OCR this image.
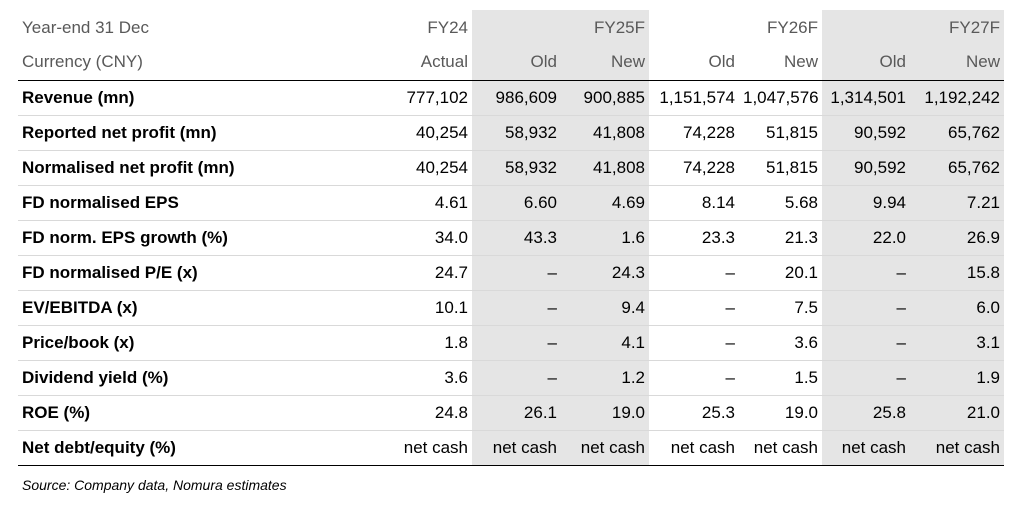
Year-end 31 Dec	FY24		FY25F		FY26F		FY27F
Currency (CNY)	Actual	Old	New	Old	New	Old	New
Revenue (mn)	777,102	986,609	900,885	1,151,574	1,047,576	1,314,501	1,192,242
Reported net profit (mn)	40,254	58,932	41,808	74,228	51,815	90,592	65,762
Normalised net profit (mn)	40,254	58,932	41,808	74,228	51,815	90,592	65,762
FD normalised EPS	4.61	6.60	4.69	8.14	5.68	9.94	7.21
FD norm. EPS growth (%)	34.0	43.3	1.6	23.3	21.3	22.0	26.9
FD normalised P/E (x)	24.7	–	24.3	–	20.1	–	15.8
EV/EBITDA (x)	10.1	–	9.4	–	7.5	–	6.0
Price/book (x)	1.8	–	4.1	–	3.6	–	3.1
Dividend yield (%)	3.6	–	1.2	–	1.5	–	1.9
ROE (%)	24.8	26.1	19.0	25.3	19.0	25.8	21.0
Net debt/equity (%)	net cash	net cash	net cash	net cash	net cash	net cash	net cash
Source: Company data, Nomura estimates
